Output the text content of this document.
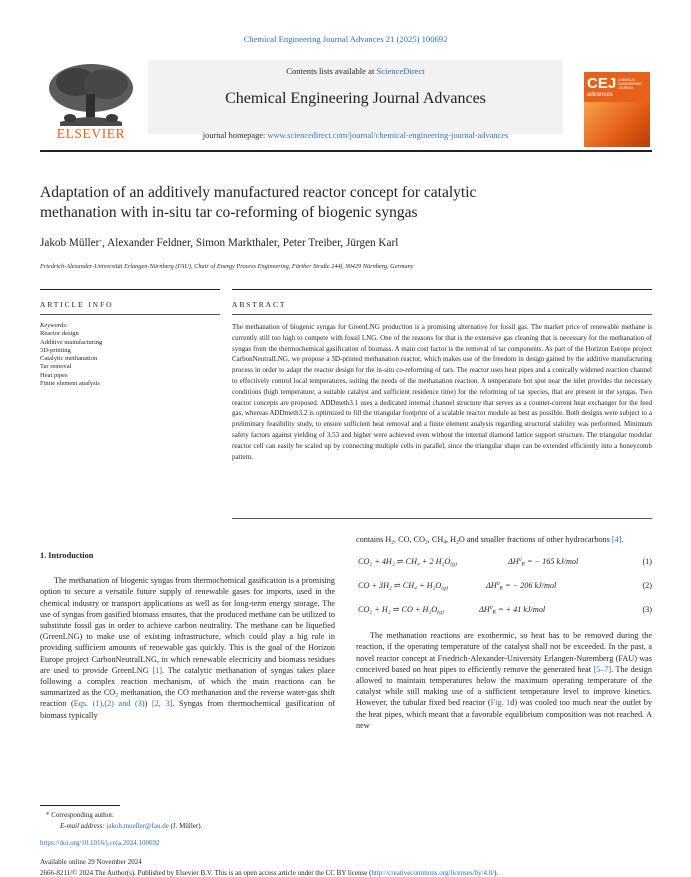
Chemical Engineering Journal Advances 21 (2025) 100692
ELSEVIER
Contents lists available at ScienceDirect
Chemical Engineering Journal Advances
journal homepage: www.sciencedirect.com/journal/chemical-engineering-journal-advances
CEJ
advances
CHEMICAL ENGINEERING JOURNAL
Adaptation of an additively manufactured reactor concept for catalytic
methanation with in-situ tar co-reforming of biogenic syngas
Jakob Müller*, Alexander Feldner, Simon Markthaler, Peter Treiber, Jürgen Karl
Friedrich-Alexander-Universität Erlangen-Nürnberg (FAU), Chair of Energy Process Engineering, Fürther Straße 244f, 90429 Nürnberg, Germany
ARTICLE INFO	ABSTRACT
Keywords:
Reactor design
Additive manufacturing
3D-printing
Catalytic methanation
Tar removal
Heat pipes
Finite element analysis
The methanation of biogenic syngas for GreenLNG production is a promising alternative for fossil gas. The market price of renewable methane is currently still too high to compete with fossil LNG. One of the reasons for that is the extensive gas cleaning that is necessary for the methanation of syngas from the thermochemical gasification of biomass. A main cost factor is the removal of tar components. As part of the Horizon Europe project CarbonNeutralLNG, we propose a 3D-printed methanation reactor, which makes use of the freedom in design gained by the additive manufacturing process in order to adapt the reactor design for the in-situ co-reforming of tars. The reactor uses heat pipes and a conically widened reaction channel to effectively control local temperatures, suiting the needs of the methanation reaction. A temperature hot spot near the inlet provides the necessary conditions (high temperature, a suitable catalyst and sufficient residence time) for the reforming of tar species, that are present in the syngas. Two reactor concepts are proposed. ADDmeth3.1 uses a dedicated internal channel structure that serves as a counter-current heat exchanger for the feed gas, whereas ADDmeth3.2 is optimized to fill the triangular footprint of a scalable reactor module as best as possible. Both designs were subject to a preliminary feasibility study, to ensure sufficient heat removal and a finite element analysis regarding structural stability was performed. Minimum safety factors against yielding of 3.53 and higher were achieved even without the internal diamond lattice support structure. The triangular modular reactor cell can easily be scaled up by connecting multiple cells in parallel, since the triangular shape can be extended efficiently into a honeycomb pattern.
1. Introduction

The methanation of biogenic syngas from thermochemical gasification is a promising option to secure a versatile future supply of renewable gases for imports, used in the chemical industry or transport applications as well as for long-term energy storage. The use of syngas from gasified biomass ensures, that the produced methane can be utilized to substitute fossil gas in order to achieve carbon neutrality. The methane can be liquefied (GreenLNG) to make use of existing infrastructure, which could play a big role in providing sufficient amounts of renewable gas quickly. This is the goal of the Horizon Europe project CarbonNeutralLNG, in which renewable electricity and biomass residues are used to provide GreenLNG [1]. The catalytic methanation of syngas takes place following a complex reaction mechanism, of which the main reactions can be summarized as the $CO_2$ methanation, the CO methanation and the reverse water-gas shift reaction (Eqs. (1),(2) and (3)) [2, 3]. Syngas from thermochemical gasification of biomass typically

contains $H_2$, CO, $CO_2$, $CH_4$, $H_2O$ and smaller fractions of other hydrocarbons [4].
CO₂ + 4H₂ ⇌ CH₄ + 2 $H_2O_{(g)}$	$\Delta H^0_R$ = − 165 kJ/mol	(1)
CO + 3H₂ ⇌ $CH_4 + H_2O_{(g)}$	$\Delta H^0_R$ = − 206 kJ/mol	(2)
CO₂ + H₂ ⇌ CO + $H_2O_{(g)}$	$\Delta H^0_R$ = + 41 kJ/mol	(3)

The methanation reactions are exothermic, so heat has to be removed during the reaction, if the operating temperature of the catalyst shall not be exceeded. In the past, a novel reactor concept at Friedrich-Alexander-University Erlangen-Nuremberg (FAU) was conceived based on heat pipes to efficiently remove the generated heat [5–7]. The design allowed to maintain temperatures below the maximum operating temperature of the catalyst while still making use of a sufficient temperature level to improve kinetics. However, the tubular fixed bed reactor (Fig. 1d) was cooled too much near the outlet by the heat pipes, which meant that a favorable equilibrium composition was not reached. A new

* Corresponding author.
E-mail address: jakob.mueller@fau.de (J. Müller).
https://doi.org/10.1016/j.ceja.2024.100692
Available online 29 November 2024
2666-8211/© 2024 The Author(s). Published by Elsevier B.V. This is an open access article under the CC BY license (http://creativecommons.org/licenses/by/4.0/).
